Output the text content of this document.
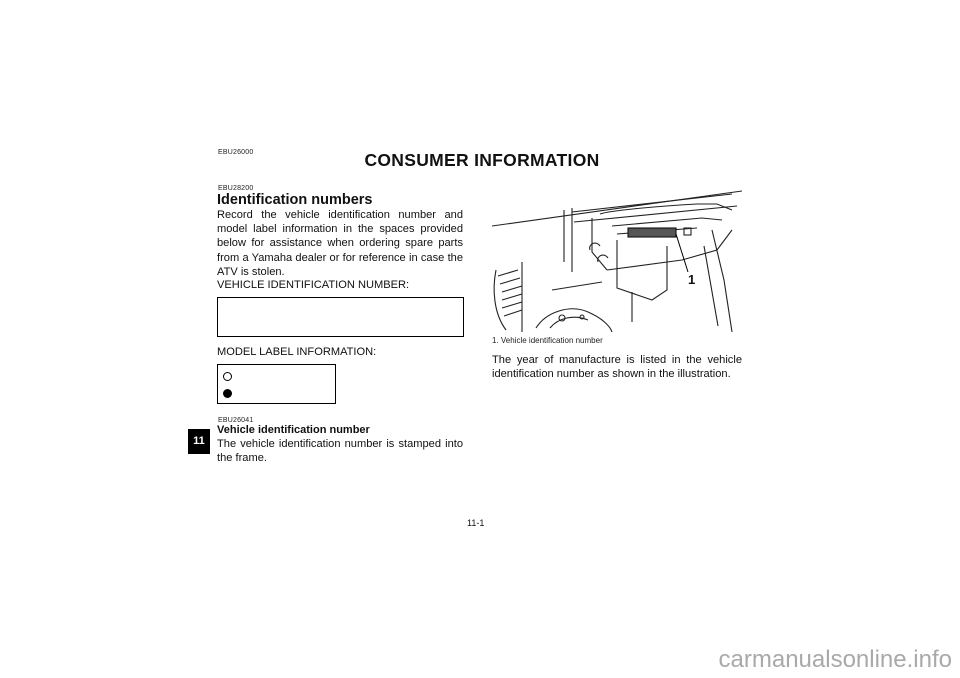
EBU26000	CONSUMER INFORMATION
EBU28200
Identification numbers
Record the vehicle identification number and model label information in the spaces provided below for assistance when ordering spare parts from a Yamaha dealer or for reference in case the ATV is stolen.
VEHICLE IDENTIFICATION NUMBER:
MODEL LABEL INFORMATION:
EBU26041
Vehicle identification number
The vehicle identification number is stamped into the frame.
11
1
1. Vehicle identification number
The year of manufacture is listed in the vehicle identification number as shown in the illustration.
11-1
carmanualsonline.info
